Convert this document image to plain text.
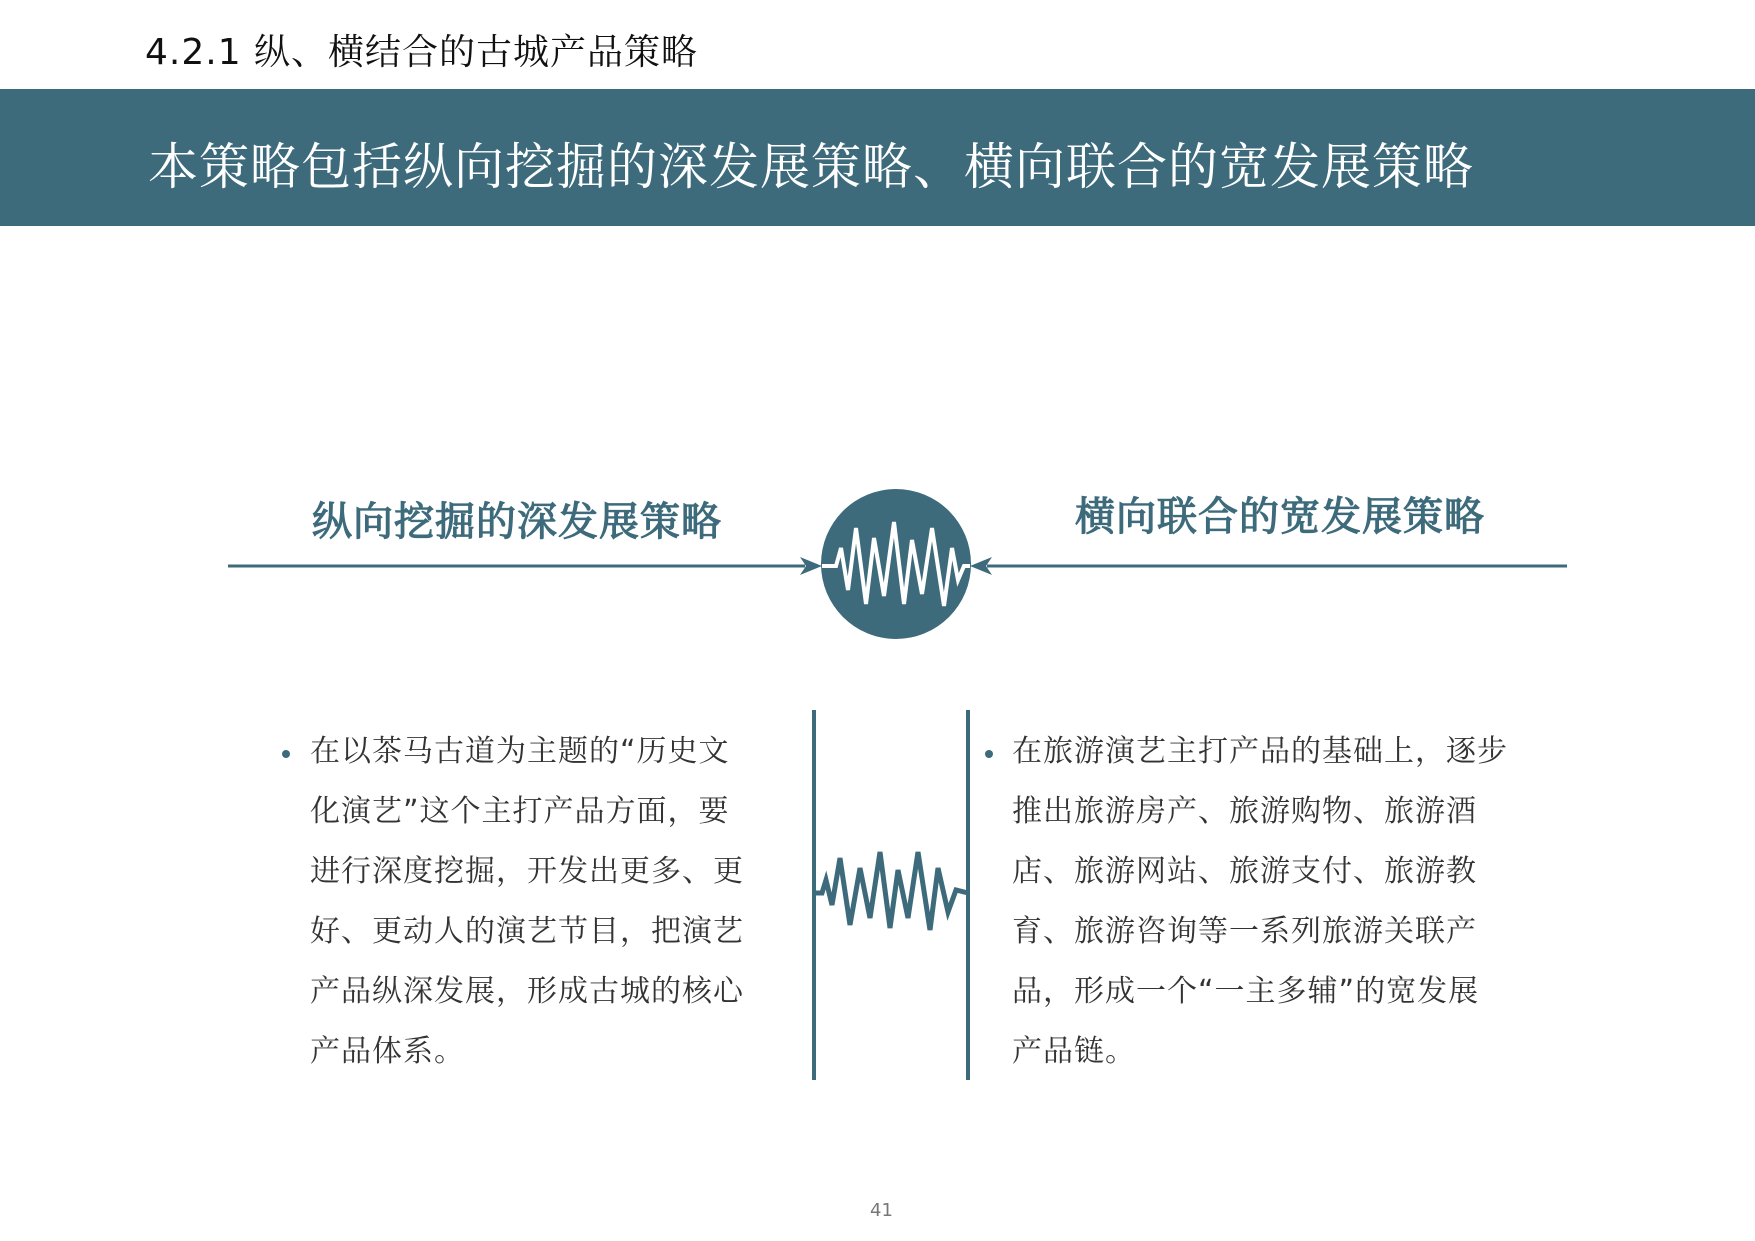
4.2.1 纵、横结合的古城产品策略
本策略包括纵向挖掘的深发展策略、横向联合的宽发展策略
纵向挖掘的深发展策略	横向联合的宽发展策略
在以茶马古道为主题的“历史文
化演艺”这个主打产品方面，要
进行深度挖掘，开发出更多、更
好、更动人的演艺节目，把演艺
产品纵深发展，形成古城的核心
产品体系。
在旅游演艺主打产品的基础上，逐步
推出旅游房产、旅游购物、旅游酒
店、旅游网站、旅游支付、旅游教
育、旅游咨询等一系列旅游关联产
品，形成一个“一主多辅”的宽发展
产品链。
41
